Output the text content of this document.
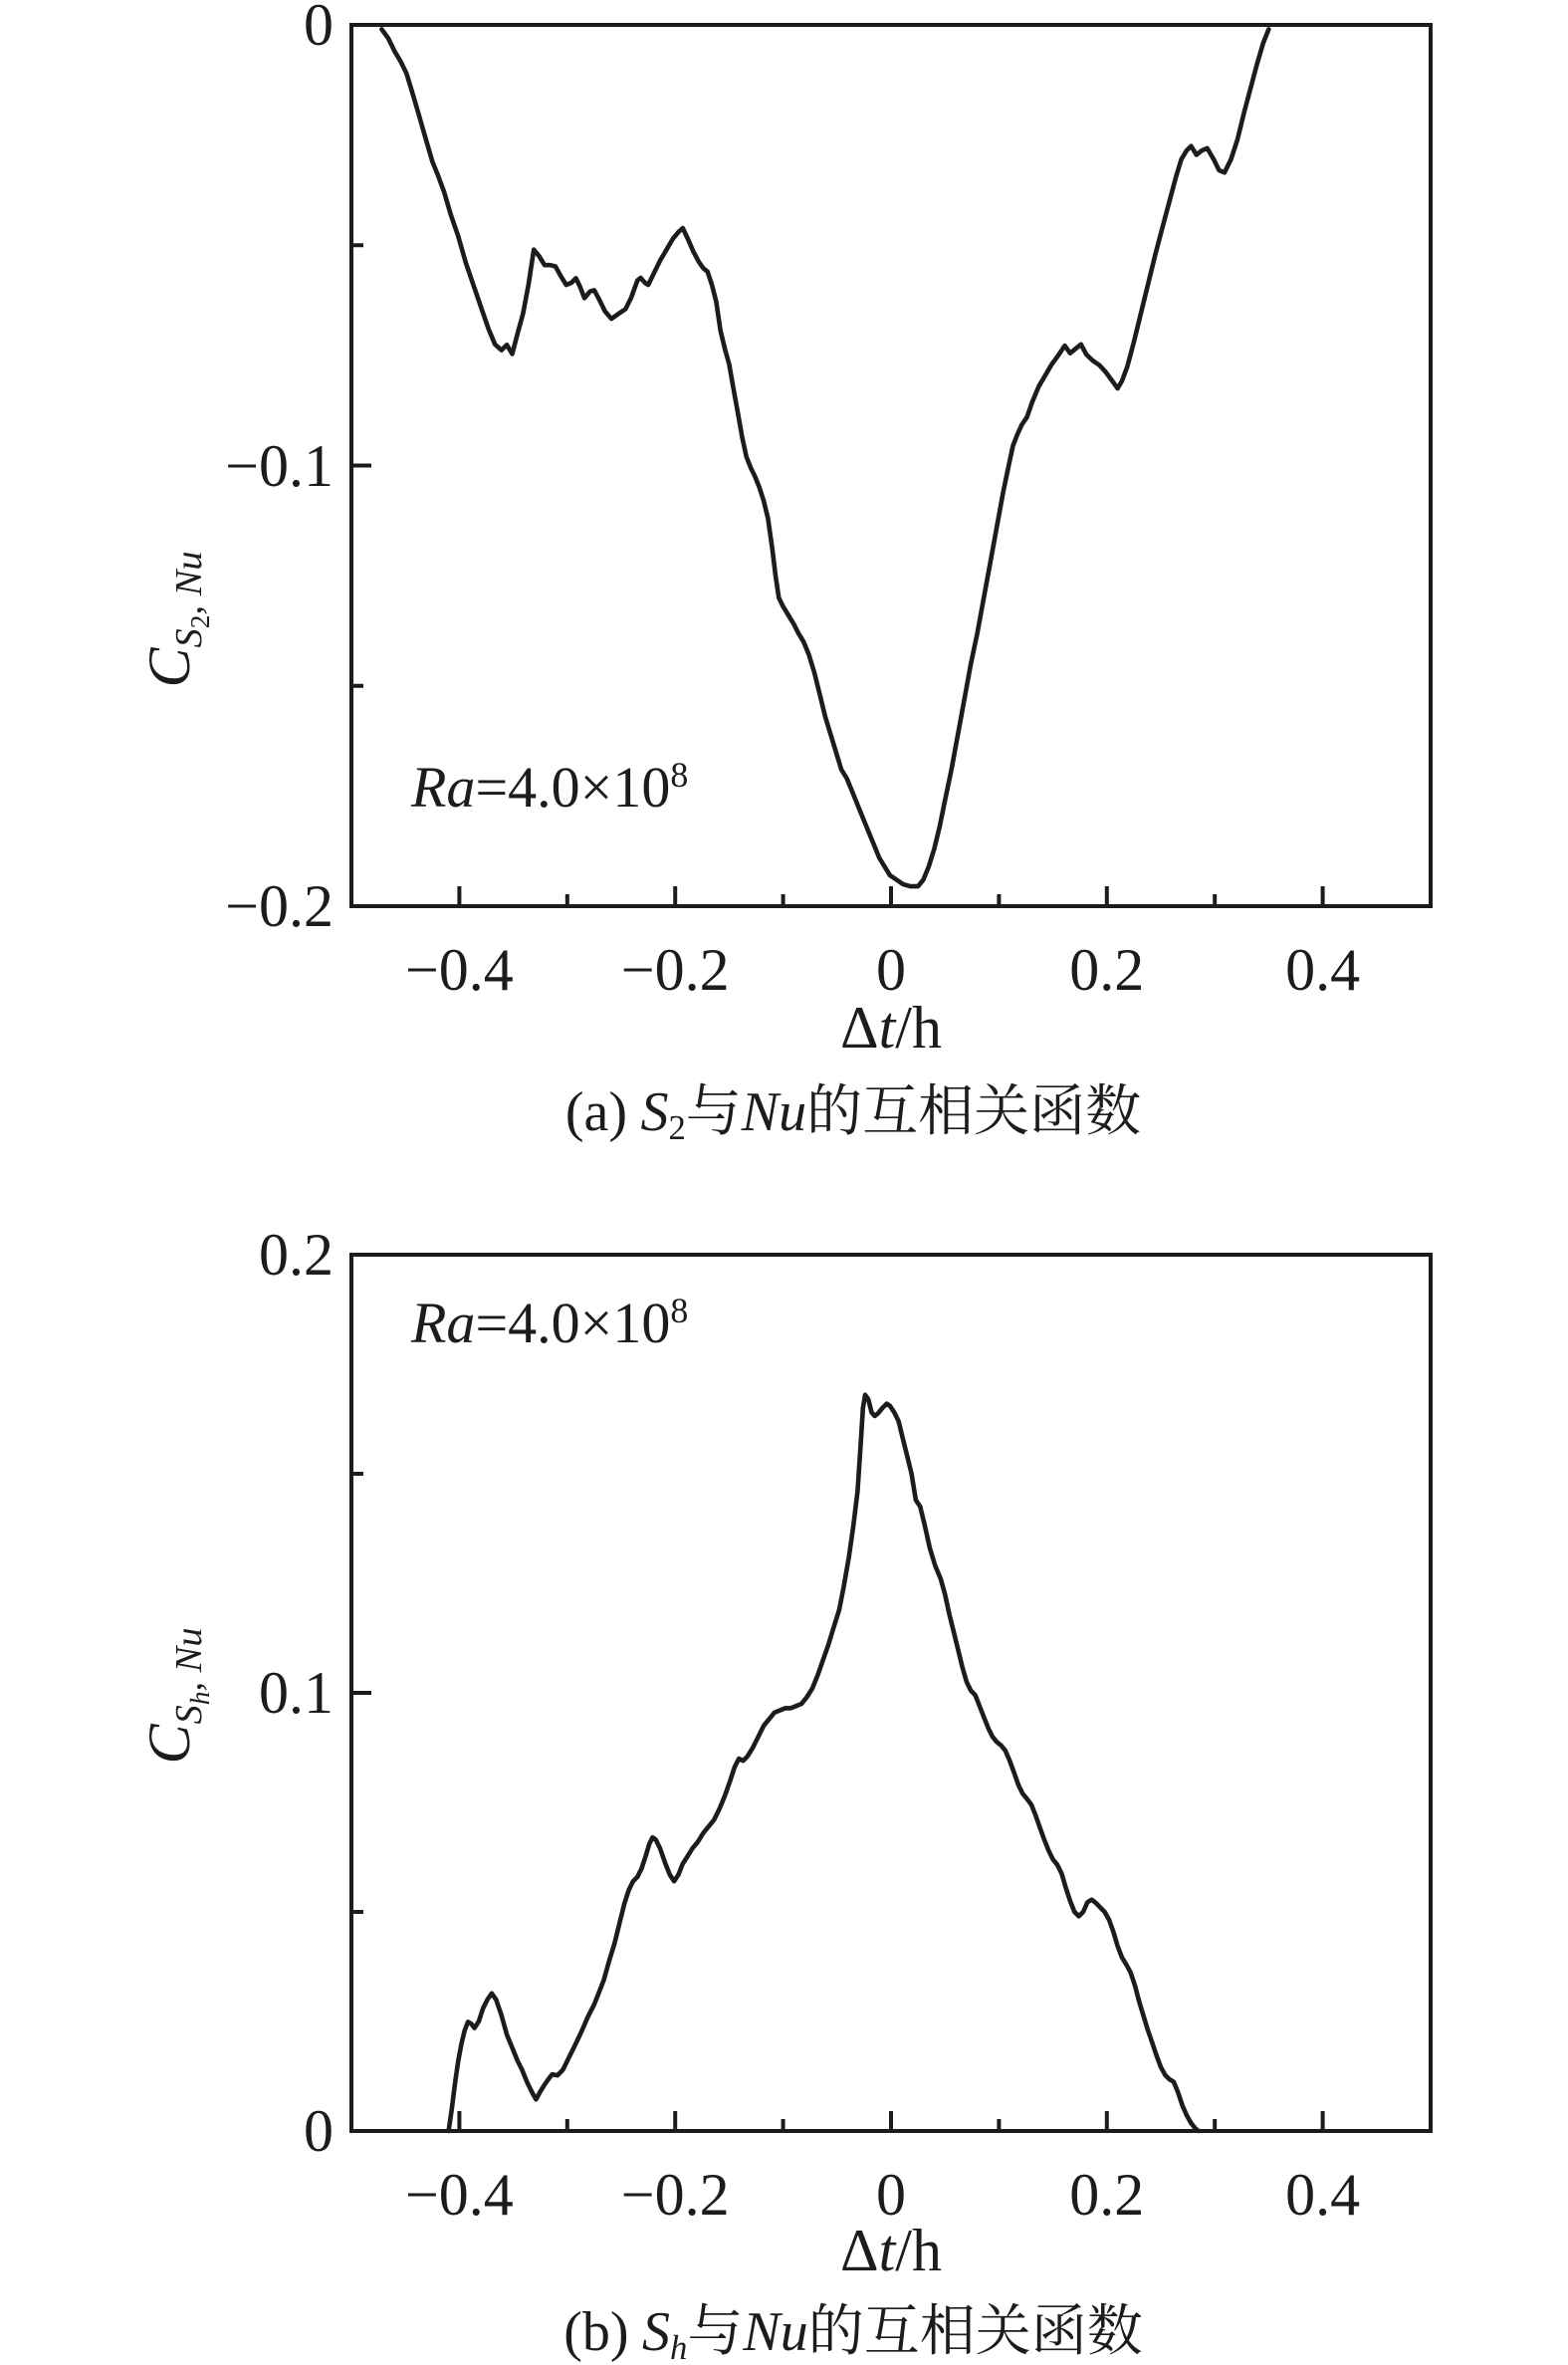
$CS_2$, Nu
$Ra=4.0\times 10^8$
Δt/h
(a) S2与Nu的互相关函数
$CS_h$, Nu
$Ra=4.0\times 10^8$
Δt/h
(b) Sh与Nu的互相关函数
−0.4	−0.2	0	0.2	0.4
0
−0.1
−0.2
−0.4	−0.2	0	0.2	0.4
0.2
0.1
0
